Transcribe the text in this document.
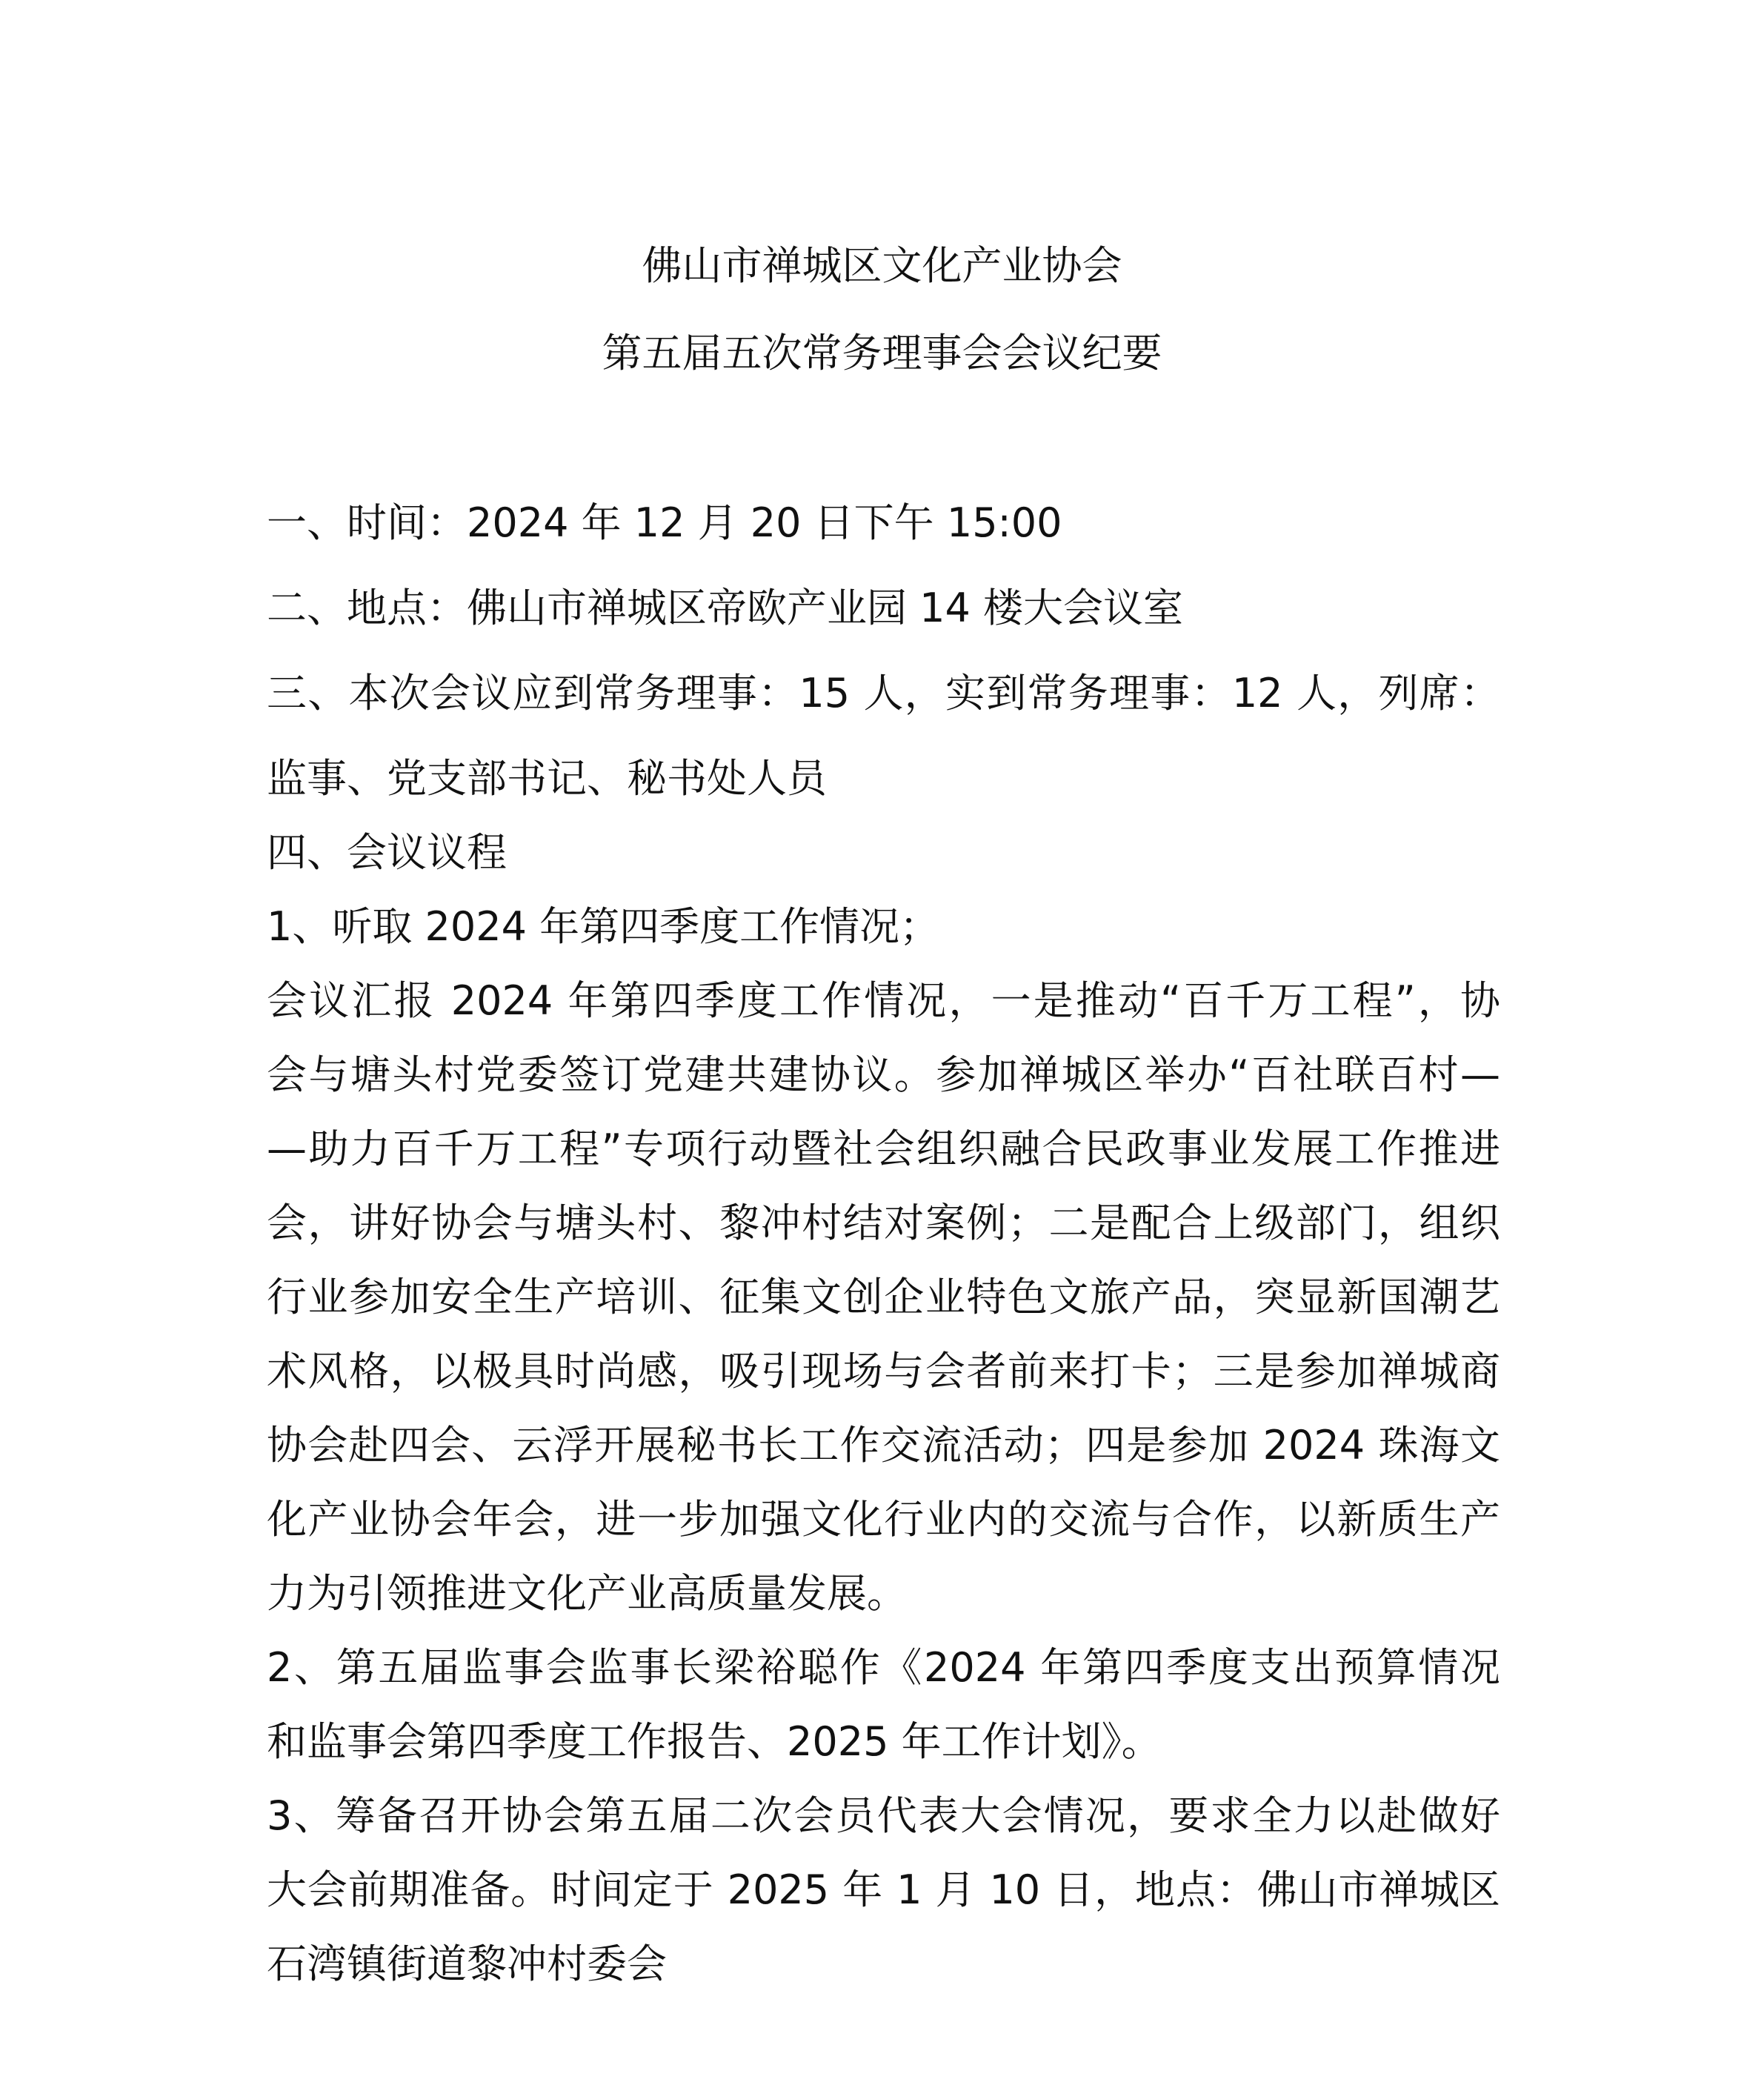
佛山市禅城区文化产业协会
第五届五次常务理事会会议纪要
一、时间：2024 年 12 月 20 日下午 15:00
二、地点：佛山市禅城区帝欧产业园 14 楼大会议室
三、本次会议应到常务理事：15 人，实到常务理事：12 人，列席：
监事、党支部书记、秘书处人员
四、会议议程
1、听取 2024 年第四季度工作情况；
会议汇报 2024 年第四季度工作情况，一是推动“百千万工程”，协
会与塘头村党委签订党建共建协议。参加禅城区举办“百社联百村—
—助力百千万工程”专项行动暨社会组织融合民政事业发展工作推进
会，讲好协会与塘头村、黎冲村结对案例；二是配合上级部门，组织
行业参加安全生产培训、征集文创企业特色文旅产品，突显新国潮艺
术风格，以极具时尚感，吸引现场与会者前来打卡；三是参加禅城商
协会赴四会、云浮开展秘书长工作交流活动；四是参加 2024 珠海文
化产业协会年会，进一步加强文化行业内的交流与合作，以新质生产
力为引领推进文化产业高质量发展。
2、第五届监事会监事长梁裕聪作《2024 年第四季度支出预算情况
和监事会第四季度工作报告、2025 年工作计划》。
3、筹备召开协会第五届二次会员代表大会情况，要求全力以赴做好
大会前期准备。时间定于 2025 年 1 月 10 日，地点：佛山市禅城区
石湾镇街道黎冲村委会
